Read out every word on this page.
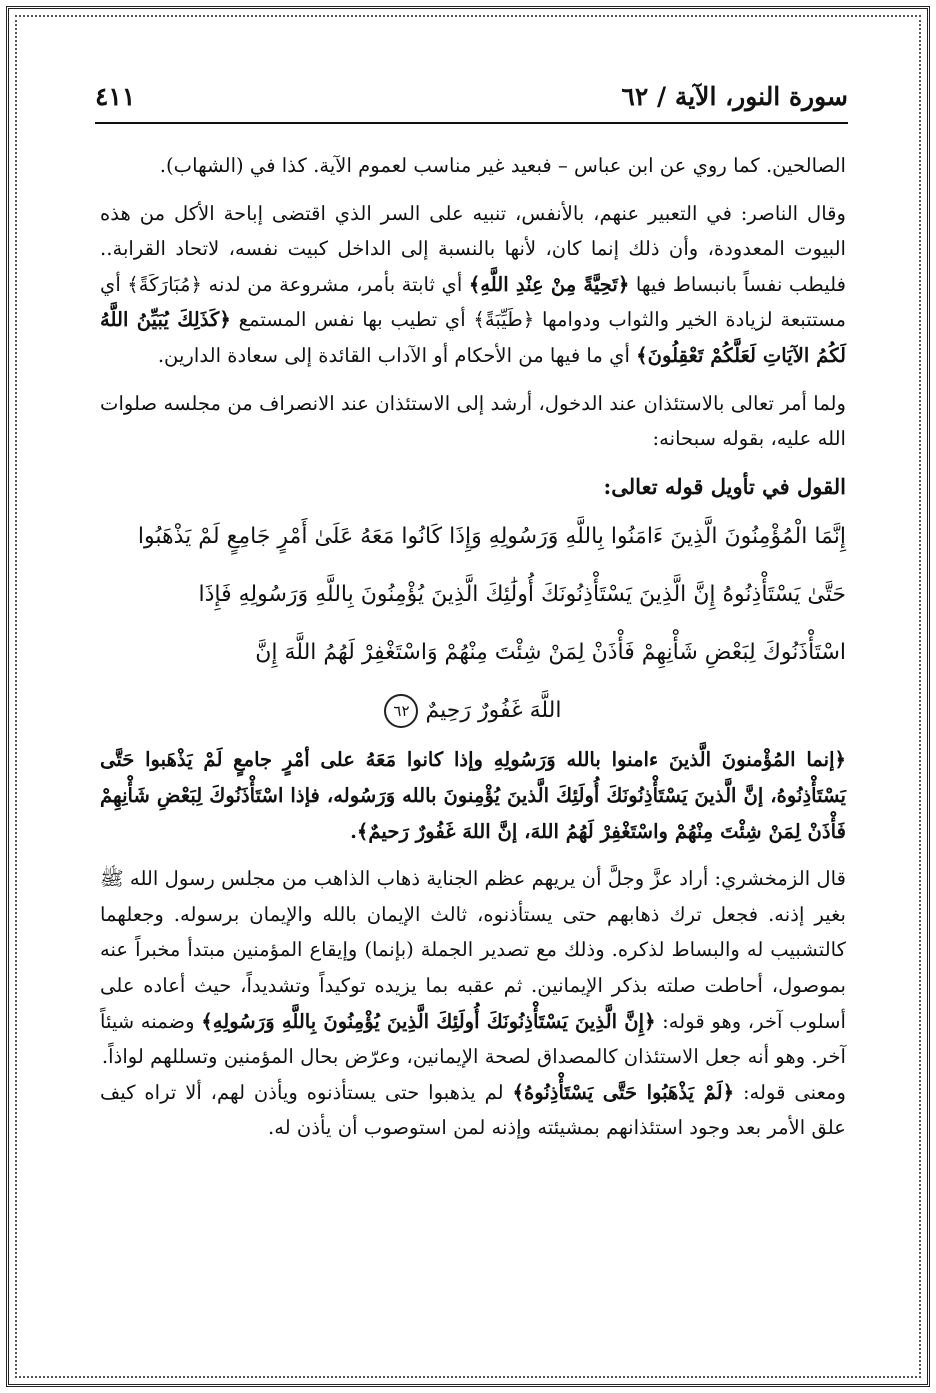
سورة النور، الآية / ٦٢
٤١١

الصالحين. كما روي عن ابن عباس – فبعيد غير مناسب لعموم الآية. كذا في (الشهاب).

وقال الناصر: في التعبير عنهم، بالأنفس، تنبيه على السر الذي اقتضى إباحة الأكل من هذه البيوت المعدودة، وأن ذلك إنما كان، لأنها بالنسبة إلى الداخل كبيت نفسه، لاتحاد القرابة.. فليطب نفساً بانبساط فيها ﴿تَحِيَّةً مِنْ عِنْدِ اللَّهِ﴾ أي ثابتة بأمر، مشروعة من لدنه ﴿مُبَارَكَةً﴾ أي مستتبعة لزيادة الخير والثواب ودوامها ﴿طَيِّبَةً﴾ أي تطيب بها نفس المستمع ﴿كَذَلِكَ يُبَيِّنُ اللَّهُ لَكُمُ الآيَاتِ لَعَلَّكُمْ تَعْقِلُونَ﴾ أي ما فيها من الأحكام أو الآداب القائدة إلى سعادة الدارين.

ولما أمر تعالى بالاستئذان عند الدخول، أرشد إلى الاستئذان عند الانصراف من مجلسه صلوات الله عليه، بقوله سبحانه:

القول في تأويل قوله تعالى:
إِنَّمَا الْمُؤْمِنُونَ الَّذِينَ ءَامَنُوا بِاللَّهِ وَرَسُولِهِ وَإِذَا كَانُوا مَعَهُ عَلَىٰ أَمْرٍ جَامِعٍ لَمْ يَذْهَبُوا
حَتَّىٰ يَسْتَأْذِنُوهُ إِنَّ الَّذِينَ يَسْتَأْذِنُونَكَ أُولَٰئِكَ الَّذِينَ يُؤْمِنُونَ بِاللَّهِ وَرَسُولِهِ فَإِذَا
اسْتَأْذَنُوكَ لِبَعْضِ شَأْنِهِمْ فَأْذَنْ لِمَنْ شِئْتَ مِنْهُمْ وَاسْتَغْفِرْ لَهُمُ اللَّهَ إِنَّ
اللَّهَ غَفُورٌ رَحِيمٌ ٦٢

﴿إنما المُؤْمنونَ الَّذينَ ءامنوا بالله وَرَسُولِهِ وإذا كانوا مَعَهُ على أمْرٍ جامعٍ لَمْ يَذْهَبوا حَتَّى يَسْتَأْذِنُوهُ، إنَّ الَّذينَ يَسْتَأْذِنُونَكَ أُولَئِكَ الَّذينَ يُؤْمِنونَ بالله وَرَسُوله، فإذا اسْتَأْذَنُوكَ لِبَعْضِ شَأْنِهِمْ فَأْذَنْ لِمَنْ شِئْتَ مِنْهُمْ واسْتَغْفِرْ لَهُمُ اللهَ، إنَّ اللهَ غَفُورٌ رَحيمٌ﴾.

قال الزمخشري: أراد عزَّ وجلَّ أن يريهم عظم الجناية ذهاب الذاهب من مجلس رسول الله ﷺ بغير إذنه. فجعل ترك ذهابهم حتى يستأذنوه، ثالث الإيمان بالله والإيمان برسوله. وجعلهما كالتشبيب له والبساط لذكره. وذلك مع تصدير الجملة (بإنما) وإيقاع المؤمنين مبتدأ مخبراً عنه بموصول، أحاطت صلته بذكر الإيمانين. ثم عقبه بما يزيده توكيداً وتشديداً، حيث أعاده على أسلوب آخر، وهو قوله: ﴿إِنَّ الَّذِينَ يَسْتَأْذِنُونَكَ أُولَئِكَ الَّذِينَ يُؤْمِنُونَ بِاللَّهِ وَرَسُولِهِ﴾ وضمنه شيئاً آخر. وهو أنه جعل الاستئذان كالمصداق لصحة الإيمانين، وعرّض بحال المؤمنين وتسللهم لواذاً.

ومعنى قوله: ﴿لَمْ يَذْهَبُوا حَتَّى يَسْتَأْذِنُوهُ﴾ لم يذهبوا حتى يستأذنوه ويأذن لهم، ألا تراه كيف علق الأمر بعد وجود استئذانهم بمشيئته وإذنه لمن استوصوب أن يأذن له.
